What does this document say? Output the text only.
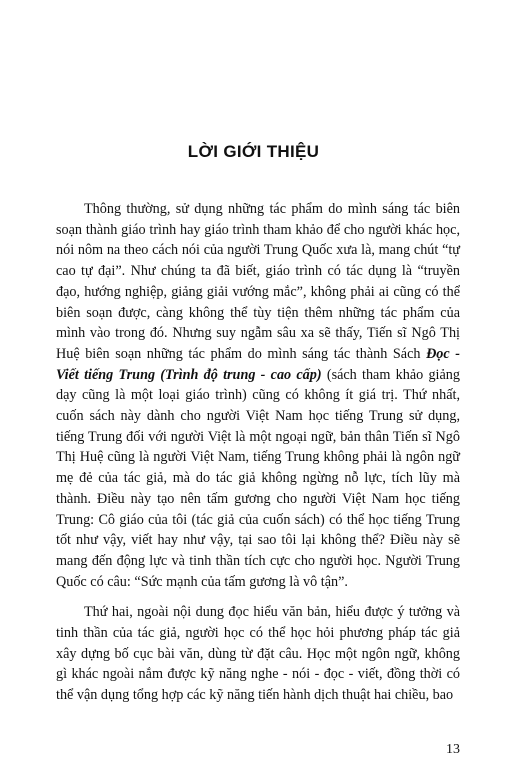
LỜI GIỚI THIỆU

Thông thường, sử dụng những tác phẩm do mình sáng tác biên soạn thành giáo trình hay giáo trình tham khảo để cho người khác học, nói nôm na theo cách nói của người Trung Quốc xưa là, mang chút “tự cao tự đại”. Như chúng ta đã biết, giáo trình có tác dụng là “truyền đạo, hướng nghiệp, giảng giải vướng mắc”, không phải ai cũng có thể biên soạn được, càng không thể tùy tiện thêm những tác phẩm của mình vào trong đó. Nhưng suy ngẫm sâu xa sẽ thấy, Tiến sĩ Ngô Thị Huệ biên soạn những tác phẩm do mình sáng tác thành Sách Đọc - Viết tiếng Trung (Trình độ trung - cao cấp) (sách tham khảo giảng dạy cũng là một loại giáo trình) cũng có không ít giá trị. Thứ nhất, cuốn sách này dành cho người Việt Nam học tiếng Trung sử dụng, tiếng Trung đối với người Việt là một ngoại ngữ, bản thân Tiến sĩ Ngô Thị Huệ cũng là người Việt Nam, tiếng Trung không phải là ngôn ngữ mẹ đẻ của tác giả, mà do tác giả không ngừng nỗ lực, tích lũy mà thành. Điều này tạo nên tấm gương cho người Việt Nam học tiếng Trung: Cô giáo của tôi (tác giả của cuốn sách) có thể học tiếng Trung tốt như vậy, viết hay như vậy, tại sao tôi lại không thể? Điều này sẽ mang đến động lực và tinh thần tích cực cho người học. Người Trung Quốc có câu: “Sức mạnh của tấm gương là vô tận”.

Thứ hai, ngoài nội dung đọc hiểu văn bản, hiểu được ý tưởng và tinh thần của tác giả, người học có thể học hỏi phương pháp tác giả xây dựng bố cục bài văn, dùng từ đặt câu. Học một ngôn ngữ, không gì khác ngoài nắm được kỹ năng nghe - nói - đọc - viết, đồng thời có thể vận dụng tổng hợp các kỹ năng tiến hành dịch thuật hai chiều, bao

13
